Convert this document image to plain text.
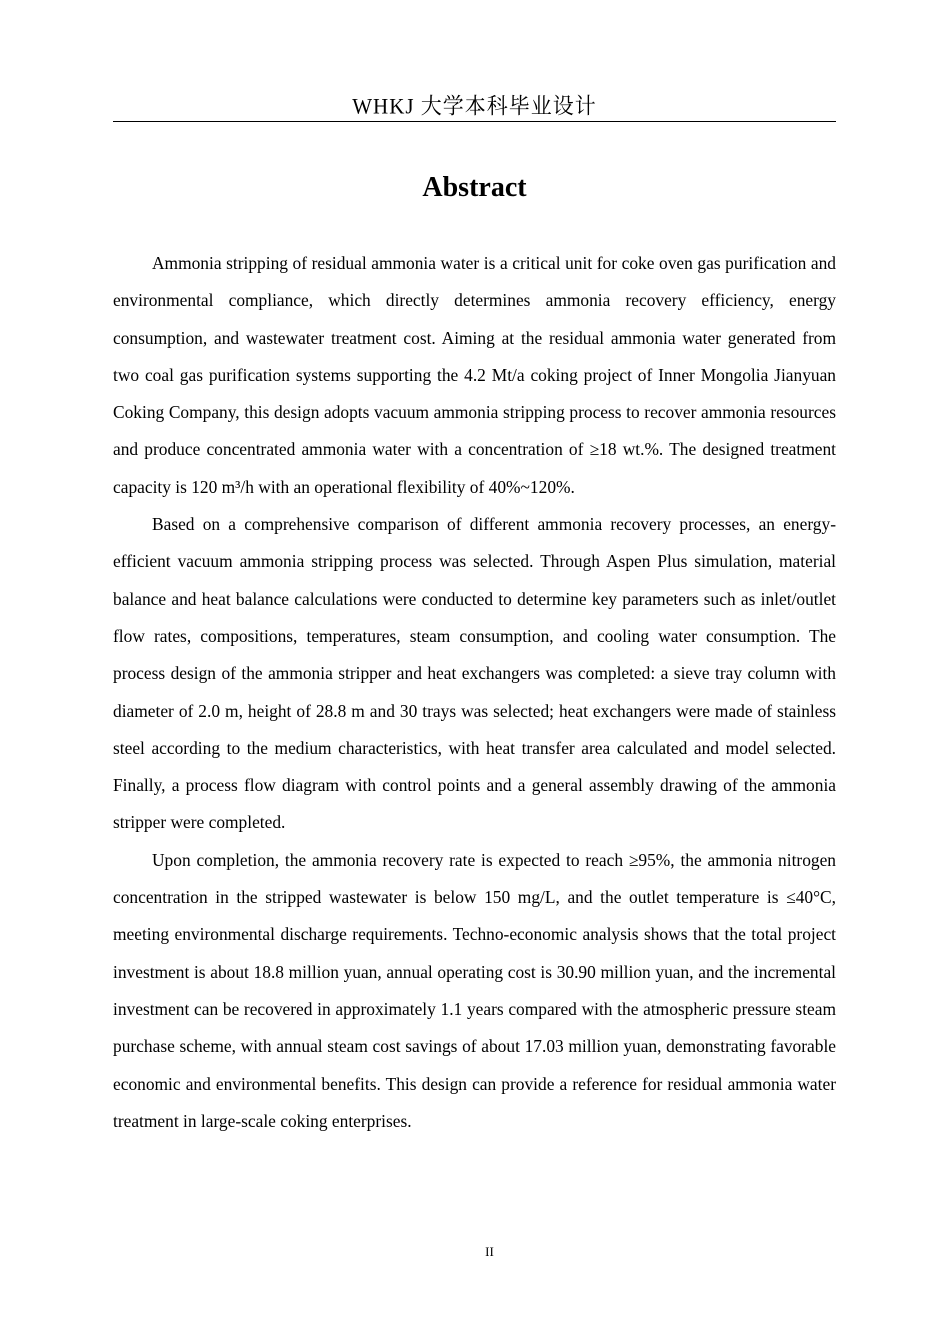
WHKJ 大学本科毕业设计
Abstract

Ammonia stripping of residual ammonia water is a critical unit for coke oven gas purification and environmental compliance, which directly determines ammonia recovery efficiency, energy consumption, and wastewater treatment cost. Aiming at the residual ammonia water generated from two coal gas purification systems supporting the 4.2 Mt/a coking project of Inner Mongolia Jianyuan Coking Company, this design adopts vacuum ammonia stripping process to recover ammonia resources and produce concentrated ammonia water with a concentration of ≥18 wt.%. The designed treatment capacity is 120 m³/h with an operational flexibility of 40%~120%.

Based on a comprehensive comparison of different ammonia recovery processes, an energy-efficient vacuum ammonia stripping process was selected. Through Aspen Plus simulation, material balance and heat balance calculations were conducted to determine key parameters such as inlet/outlet flow rates, compositions, temperatures, steam consumption, and cooling water consumption. The process design of the ammonia stripper and heat exchangers was completed: a sieve tray column with diameter of 2.0 m, height of 28.8 m and 30 trays was selected; heat exchangers were made of stainless steel according to the medium characteristics, with heat transfer area calculated and model selected. Finally, a process flow diagram with control points and a general assembly drawing of the ammonia stripper were completed.

Upon completion, the ammonia recovery rate is expected to reach ≥95%, the ammonia nitrogen concentration in the stripped wastewater is below 150 mg/L, and the outlet temperature is ≤40°C, meeting environmental discharge requirements. Techno-economic analysis shows that the total project investment is about 18.8 million yuan, annual operating cost is 30.90 million yuan, and the incremental investment can be recovered in approximately 1.1 years compared with the atmospheric pressure steam purchase scheme, with annual steam cost savings of about 17.03 million yuan, demonstrating favorable economic and environmental benefits. This design can provide a reference for residual ammonia water treatment in large-scale coking enterprises.

II
